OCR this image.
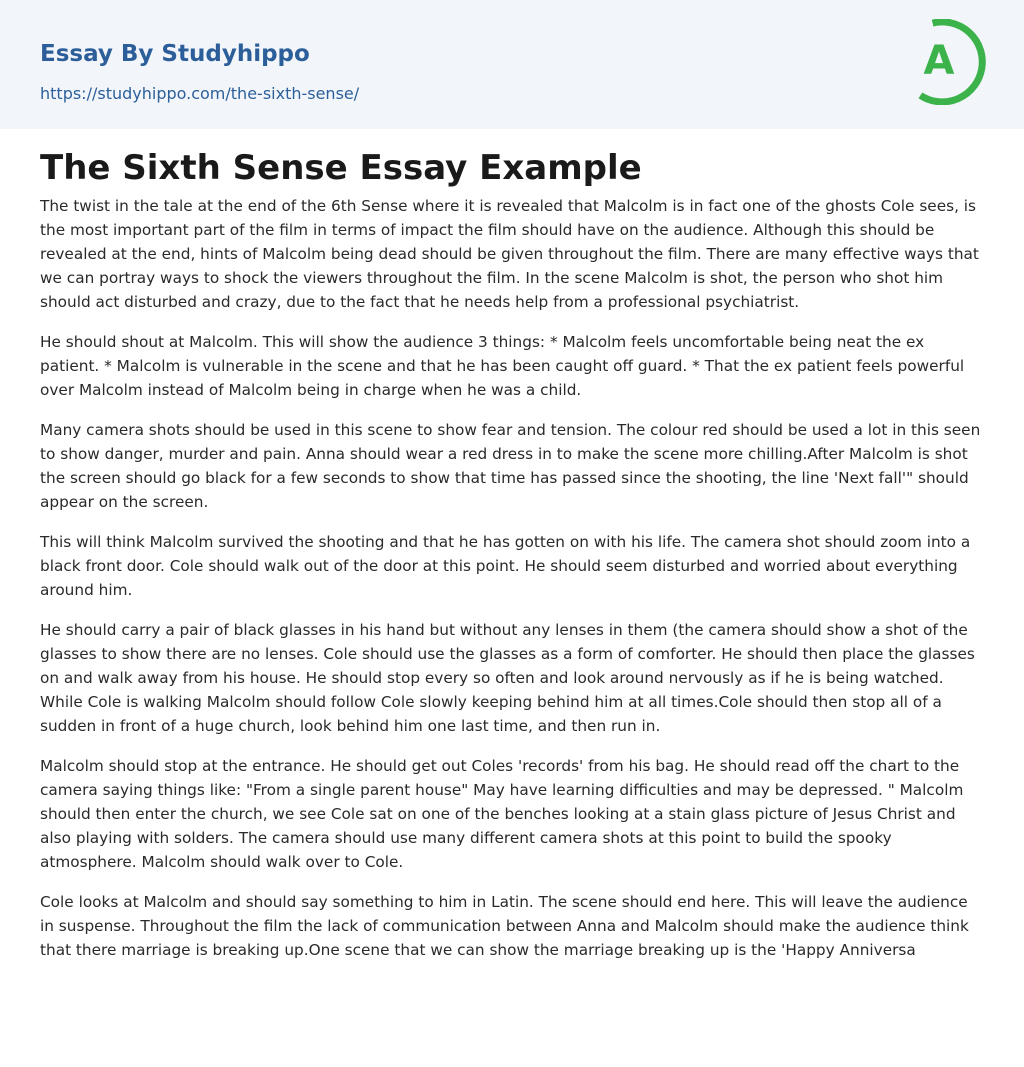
Essay By Studyhippo
https://studyhippo.com/the-sixth-sense/
A
The Sixth Sense Essay Example

The twist in the tale at the end of the 6th Sense where it is revealed that Malcolm is in fact one of the ghosts Cole sees, is the most important part of the film in terms of impact the film should have on the audience. Although this should be revealed at the end, hints of Malcolm being dead should be given throughout the film. There are many effective ways that we can portray ways to shock the viewers throughout the film. In the scene Malcolm is shot, the person who shot him should act disturbed and crazy, due to the fact that he needs help from a professional psychiatrist.

He should shout at Malcolm. This will show the audience 3 things: * Malcolm feels uncomfortable being neat the ex patient. * Malcolm is vulnerable in the scene and that he has been caught off guard. * That the ex patient feels powerful over Malcolm instead of Malcolm being in charge when he was a child.

Many camera shots should be used in this scene to show fear and tension. The colour red should be used a lot in this seen to show danger, murder and pain. Anna should wear a red dress in to make the scene more chilling.After Malcolm is shot the screen should go black for a few seconds to show that time has passed since the shooting, the line 'Next fall'" should appear on the screen.

This will think Malcolm survived the shooting and that he has gotten on with his life. The camera shot should zoom into a black front door. Cole should walk out of the door at this point. He should seem disturbed and worried about everything around him.

He should carry a pair of black glasses in his hand but without any lenses in them (the camera should show a shot of the glasses to show there are no lenses. Cole should use the glasses as a form of comforter. He should then place the glasses on and walk away from his house. He should stop every so often and look around nervously as if he is being watched. While Cole is walking Malcolm should follow Cole slowly keeping behind him at all times.Cole should then stop all of a sudden in front of a huge church, look behind him one last time, and then run in.

Malcolm should stop at the entrance. He should get out Coles 'records' from his bag. He should read off the chart to the camera saying things like: "From a single parent house" May have learning difficulties and may be depressed. " Malcolm should then enter the church, we see Cole sat on one of the benches looking at a stain glass picture of Jesus Christ and also playing with solders. The camera should use many different camera shots at this point to build the spooky atmosphere. Malcolm should walk over to Cole.

Cole looks at Malcolm and should say something to him in Latin. The scene should end here. This will leave the audience in suspense. Throughout the film the lack of communication between Anna and Malcolm should make the audience think that there marriage is breaking up.One scene that we can show the marriage breaking up is the 'Happy Anniversa
